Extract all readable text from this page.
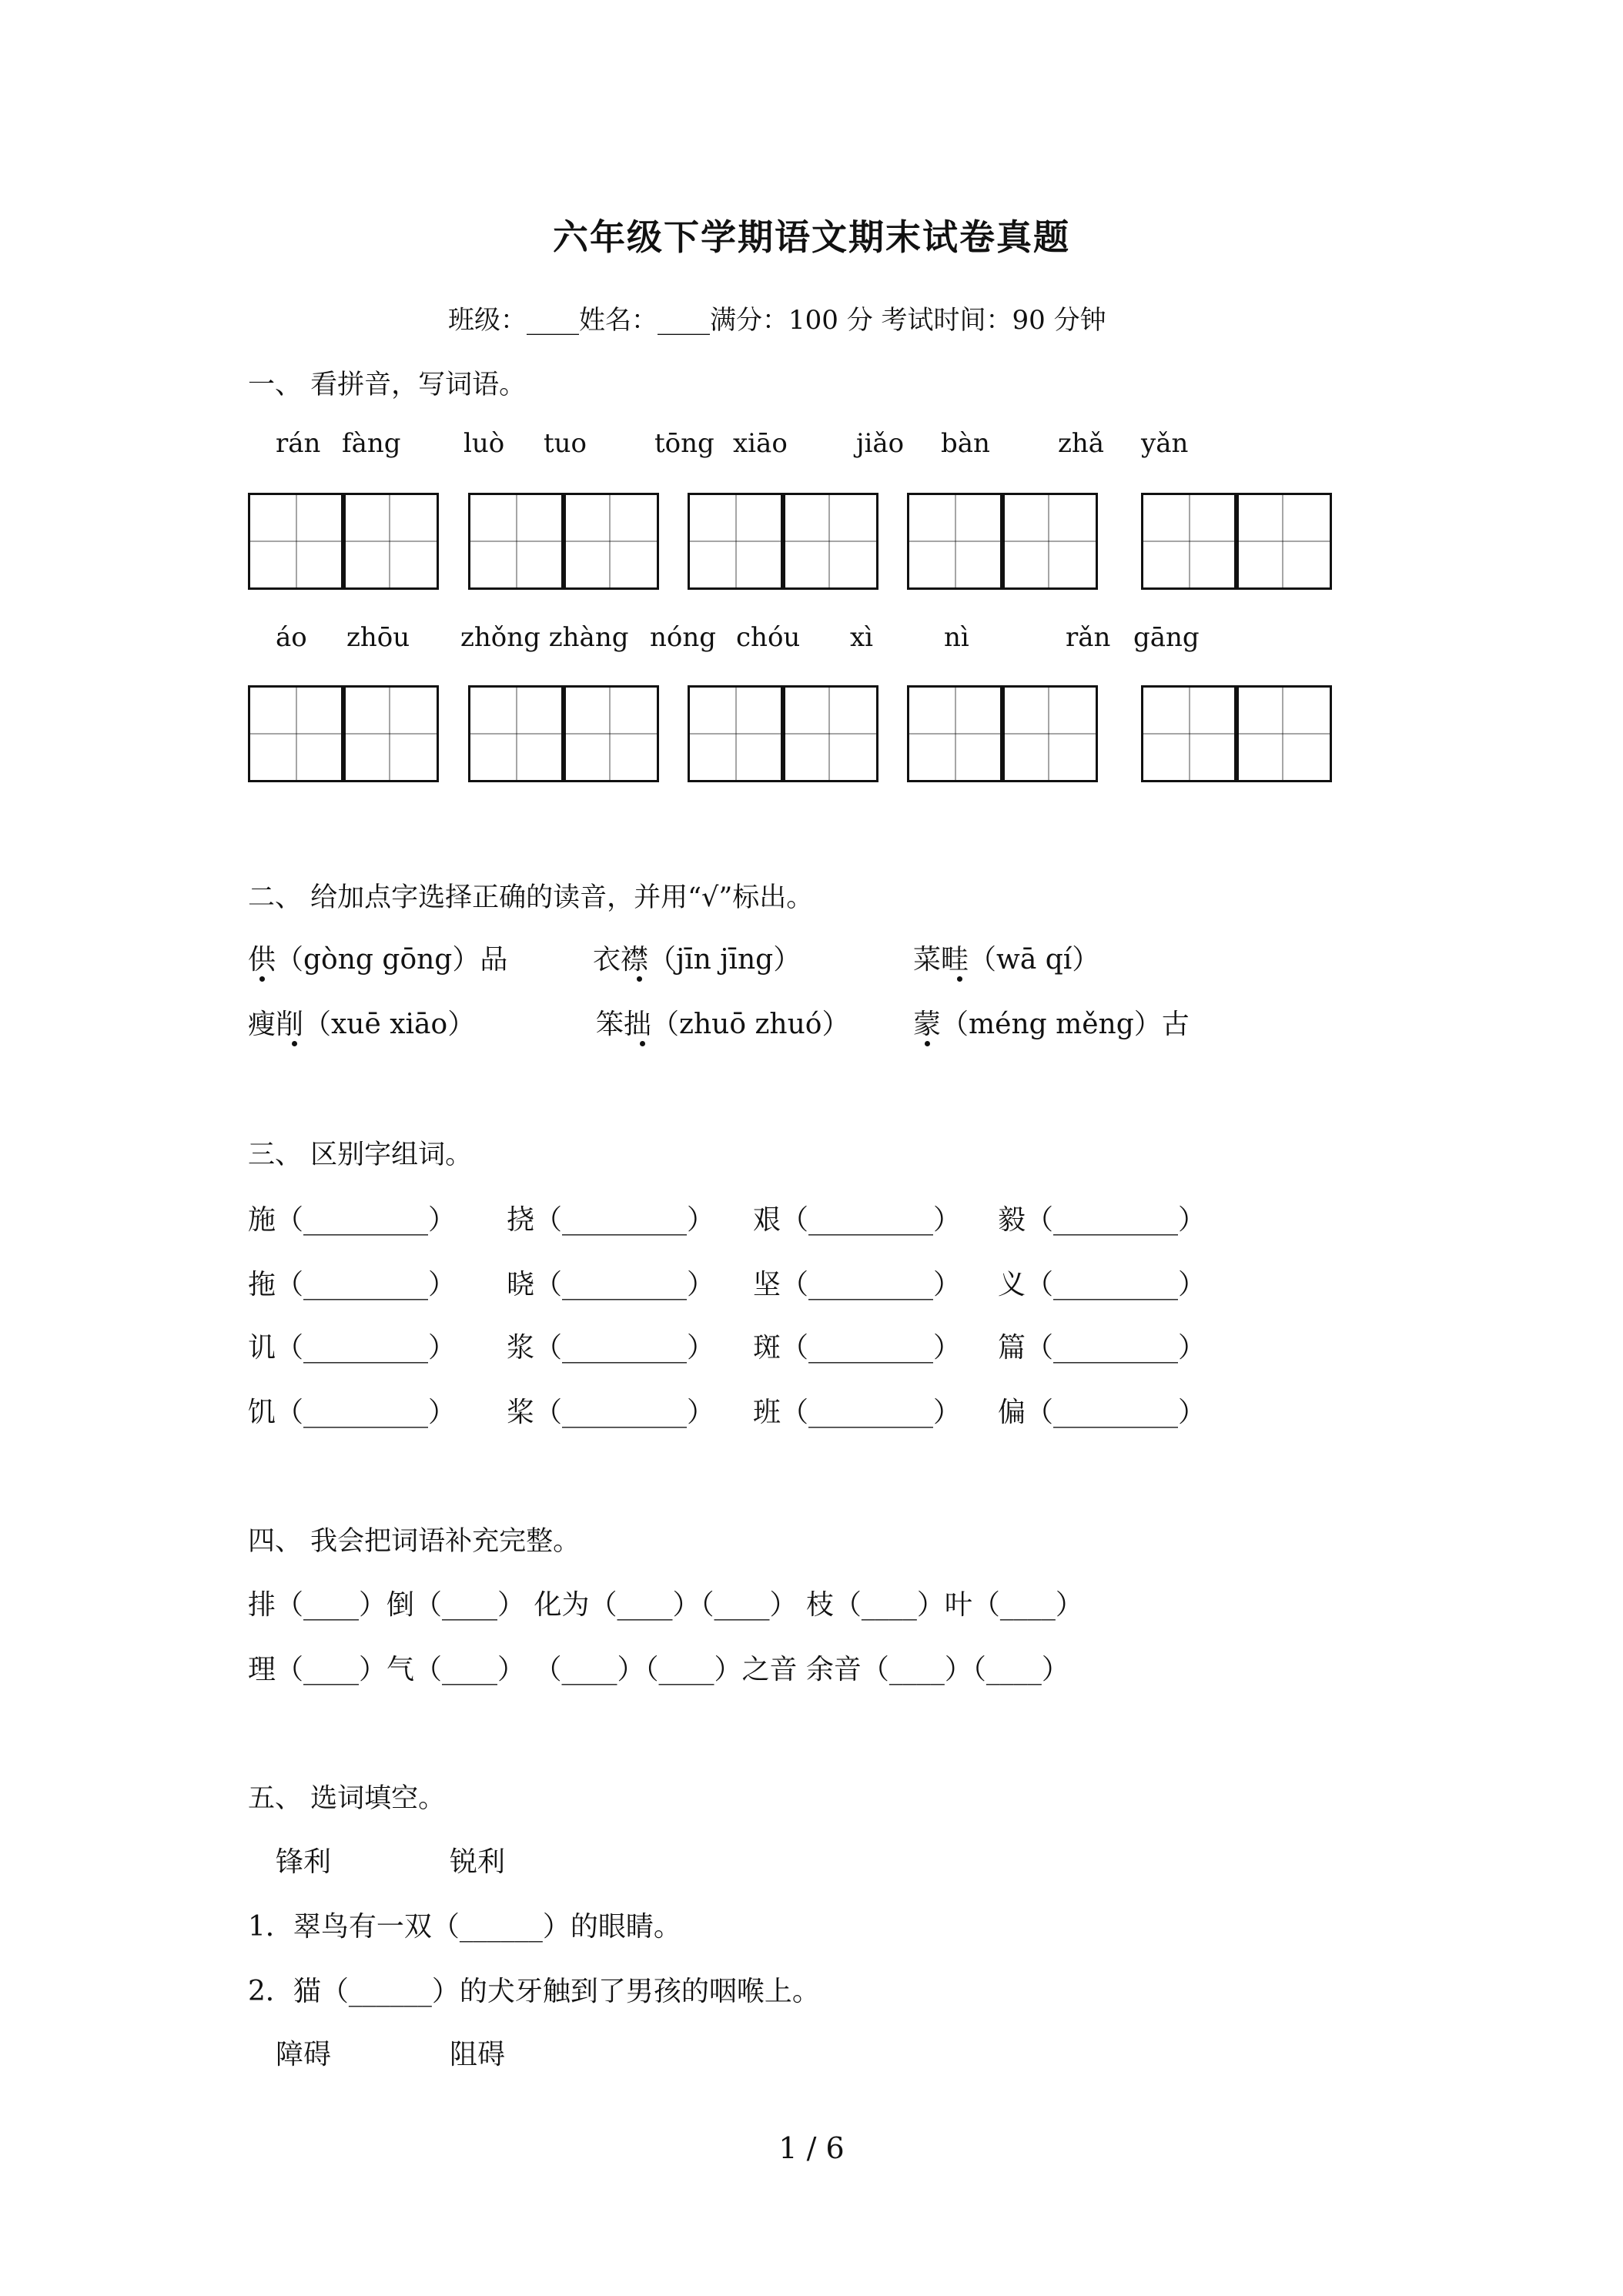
六年级下学期语文期末试卷真题
班级：____姓名：____满分：100 分 考试时间：90 分钟
一、 看拼音，写词语。
rán fàng luò tuo	tōng xiāo	jiǎo bàn	zhǎ yǎn
áo zhōu zhǒng zhàng nóng chóu xì	nì	rǎn gāng
二、 给加点字选择正确的读音，并用“√”标出。
供（gòng gōng）品	衣襟（jīn jīng）	菜畦（wā qí）
瘦削（xuē xiāo）	笨拙（zhuō zhuó） 蒙（méng měng）古
三、 区别字组词。
施（_________） 挠（_________） 艰（_________） 毅（_________）
拖（_________） 晓（_________） 坚（_________） 义（_________）
讥（_________） 浆（_________） 斑（_________） 篇（_________）
饥（_________） 桨（_________） 班（_________） 偏（_________）
四、 我会把词语补充完整。
排（____）倒（____） 化为（____）（____） 枝（____）叶（____）
理（____）气（____） （____）（____）之音 余音（____）（____）
五、 选词填空。
锋利	锐利
1．翠鸟有一双（______）的眼睛。
2．猫（______）的犬牙触到了男孩的咽喉上。
障碍	阻碍
1 / 6
